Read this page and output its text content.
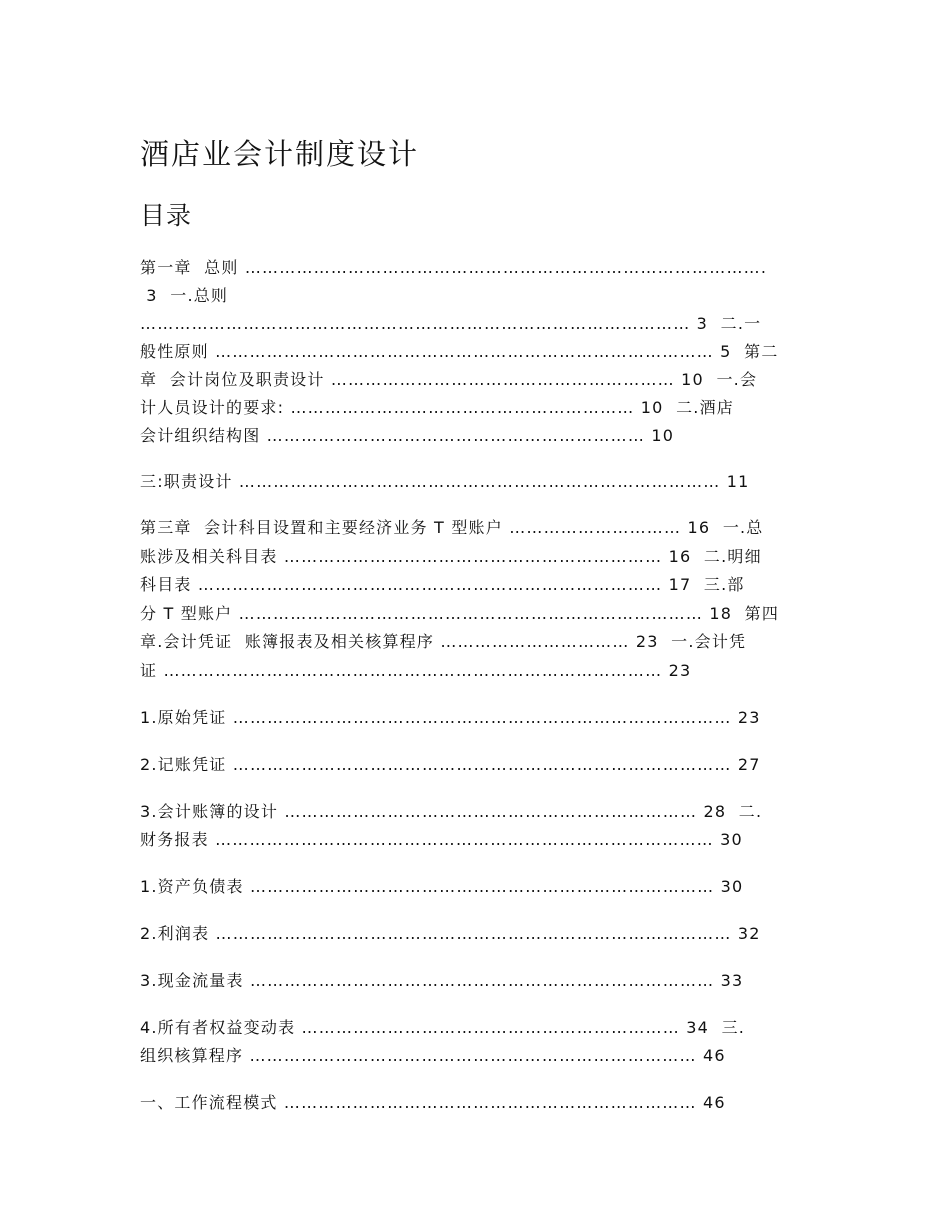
酒店业会计制度设计
目录
第一章  总则 ……………………………………………………………………………….
3  一.总则
…………………………………………………………………………………… 3  二.一
般性原则 …………………………………………………………………………… 5  第二
章  会计岗位及职责设计 …………………………………………………… 10  一.会
计人员设计的要求: …………………………………………………… 10  二.酒店
会计组织结构图 ………………………………………………………… 10
三:职责设计 ………………………………………………………………………… 11
第三章  会计科目设置和主要经济业务 T 型账户 ………………………… 16  一.总
账涉及相关科目表 ………………………………………………………… 16  二.明细
科目表 ……………………………………………………………………… 17  三.部
分 T 型账户 ……………………………………………………………………… 18  第四
章.会计凭证  账簿报表及相关核算程序 …………………………… 23  一.会计凭
证 …………………………………………………………………………… 23
1.原始凭证 …………………………………………………………………………… 23
2.记账凭证 …………………………………………………………………………… 27
3.会计账簿的设计 ……………………………………………………………… 28  二.
财务报表 …………………………………………………………………………… 30
1.资产负债表 ……………………………………………………………………… 30
2.利润表 ……………………………………………………………………………… 32
3.现金流量表 ……………………………………………………………………… 33
4.所有者权益变动表 ………………………………………………………… 34  三.
组织核算程序 …………………………………………………………………… 46
一、工作流程模式 ……………………………………………………………… 46
